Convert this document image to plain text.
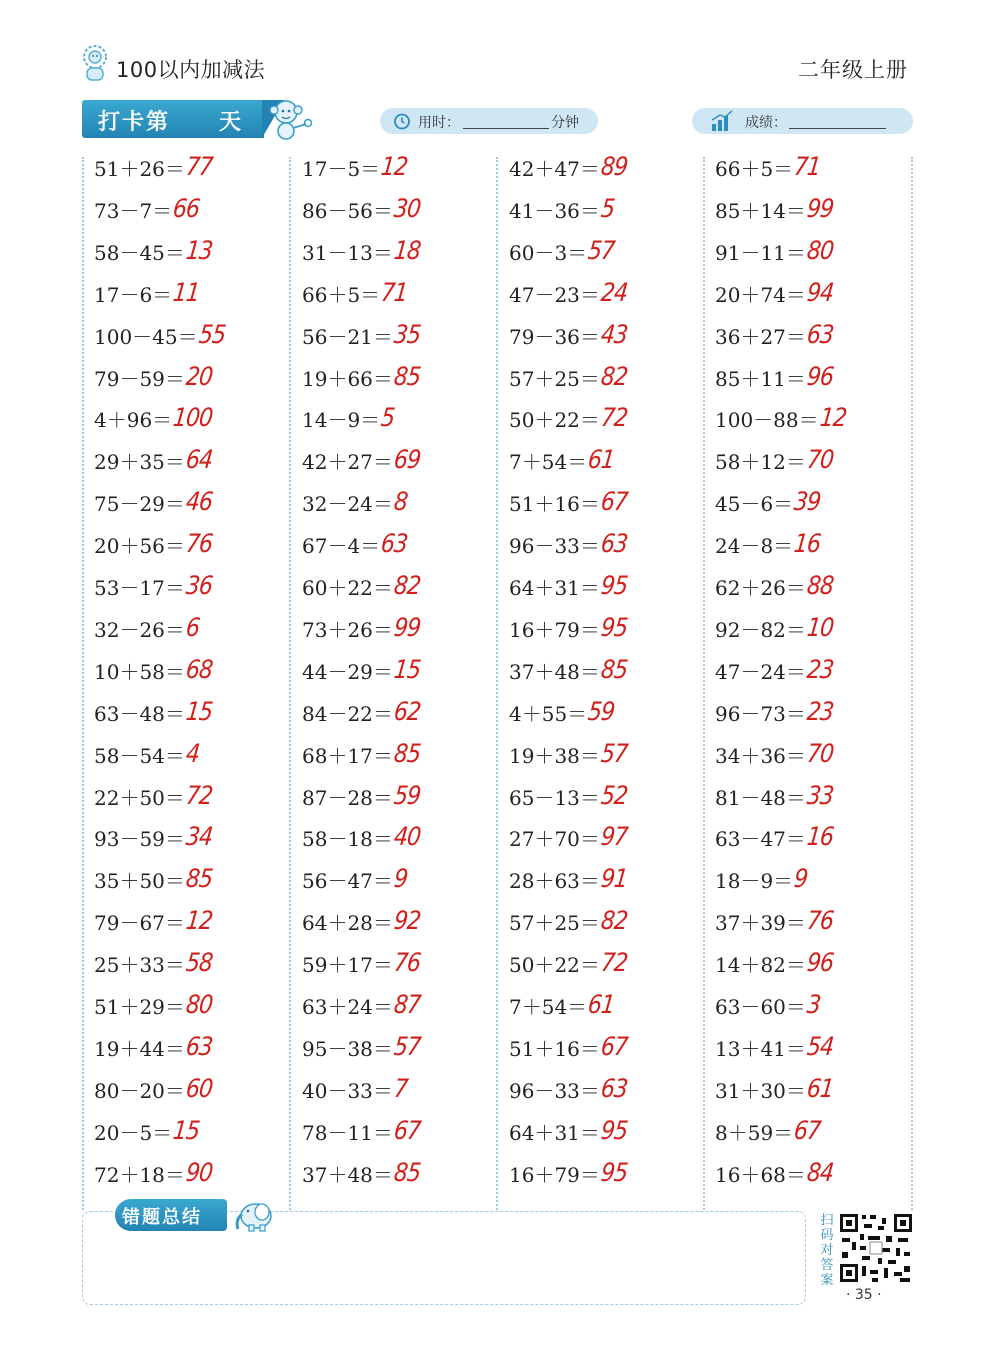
100以内加减法	二年级上册
打卡第 天	用时：	分钟	成绩：
51＋26＝77
73－7＝66
58－45＝13
17－6＝11
100－45＝55
79－59＝20
4＋96＝100
29＋35＝64
75－29＝46
20＋56＝76
53－17＝36
32－26＝6
10＋58＝68
63－48＝15
58－54＝4
22＋50＝72
93－59＝34
35＋50＝85
79－67＝12
25＋33＝58
51＋29＝80
19＋44＝63
80－20＝60
20－5＝15
72＋18＝90
17－5＝12
86－56＝30
31－13＝18
66＋5＝71
56－21＝35
19＋66＝85
14－9＝5
42＋27＝69
32－24＝8
67－4＝63
60＋22＝82
73＋26＝99
44－29＝15
84－22＝62
68＋17＝85
87－28＝59
58－18＝40
56－47＝9
64＋28＝92
59＋17＝76
63＋24＝87
95－38＝57
40－33＝7
78－11＝67
37＋48＝85
42＋47＝89
41－36＝5
60－3＝57
47－23＝24
79－36＝43
57＋25＝82
50＋22＝72
7＋54＝61
51＋16＝67
96－33＝63
64＋31＝95
16＋79＝95
37＋48＝85
4＋55＝59
19＋38＝57
65－13＝52
27＋70＝97
28＋63＝91
57＋25＝82
50＋22＝72
7＋54＝61
51＋16＝67
96－33＝63
64＋31＝95
16＋79＝95
66＋5＝71
85＋14＝99
91－11＝80
20＋74＝94
36＋27＝63
85＋11＝96
100－88＝12
58＋12＝70
45－6＝39
24－8＝16
62＋26＝88
92－82＝10
47－24＝23
96－73＝23
34＋36＝70
81－48＝33
63－47＝16
18－9＝9
37＋39＝76
14＋82＝96
63－60＝3
13＋41＝54
31＋30＝61
8＋59＝67
16＋68＝84
错题总结	扫码对答案
· 35 ·
